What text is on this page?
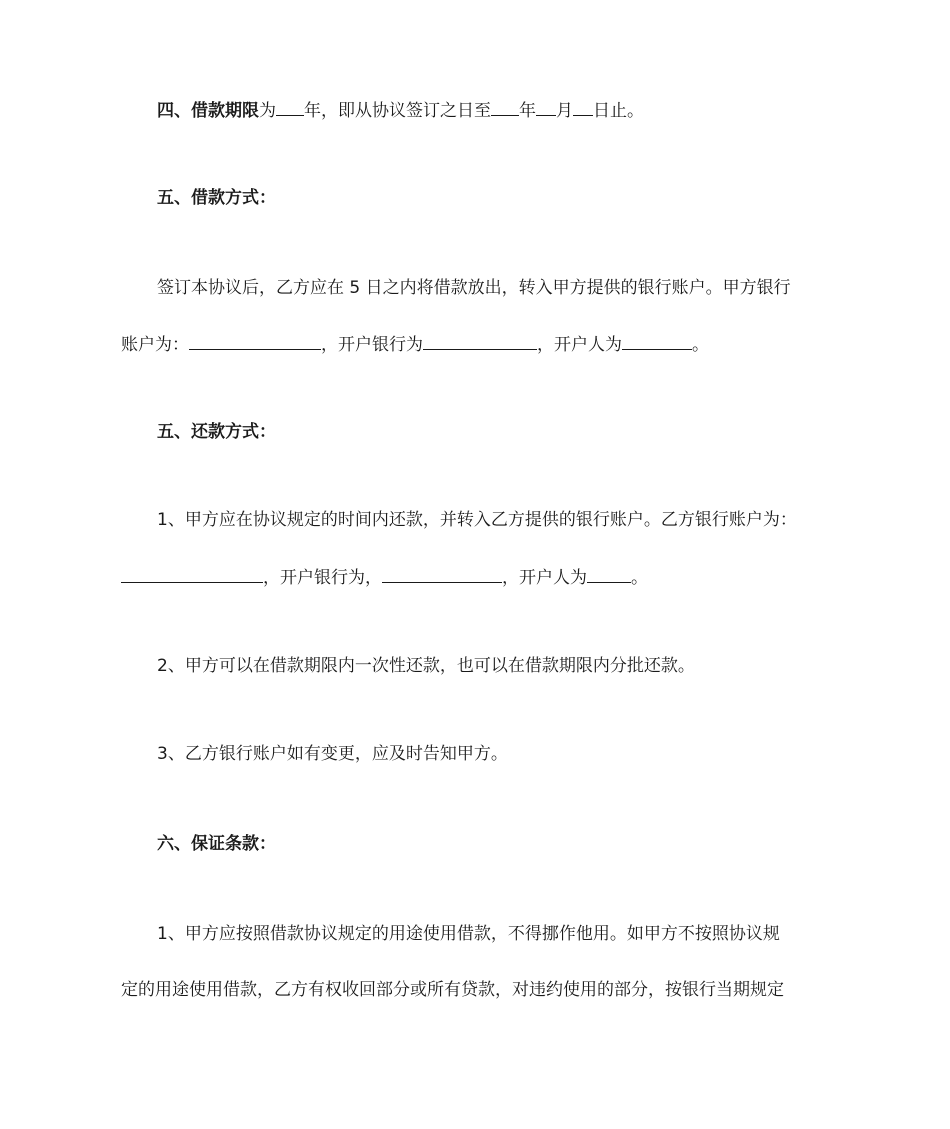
四、借款期限为 年，即从协议签订之日至 年 月 日止。
五、借款方式：
签订本协议后，乙方应在 5 日之内将借款放出，转入甲方提供的银行账户。甲方银行
账户为：	，开户银行为	，开户人为	。
五、还款方式：
1、甲方应在协议规定的时间内还款，并转入乙方提供的银行账户。乙方银行账户为：
，开户银行为，	，开户人为	。
2、甲方可以在借款期限内一次性还款，也可以在借款期限内分批还款。
3、乙方银行账户如有变更，应及时告知甲方。
六、保证条款：
1、甲方应按照借款协议规定的用途使用借款，不得挪作他用。如甲方不按照协议规
定的用途使用借款，乙方有权收回部分或所有贷款，对违约使用的部分，按银行当期规定
